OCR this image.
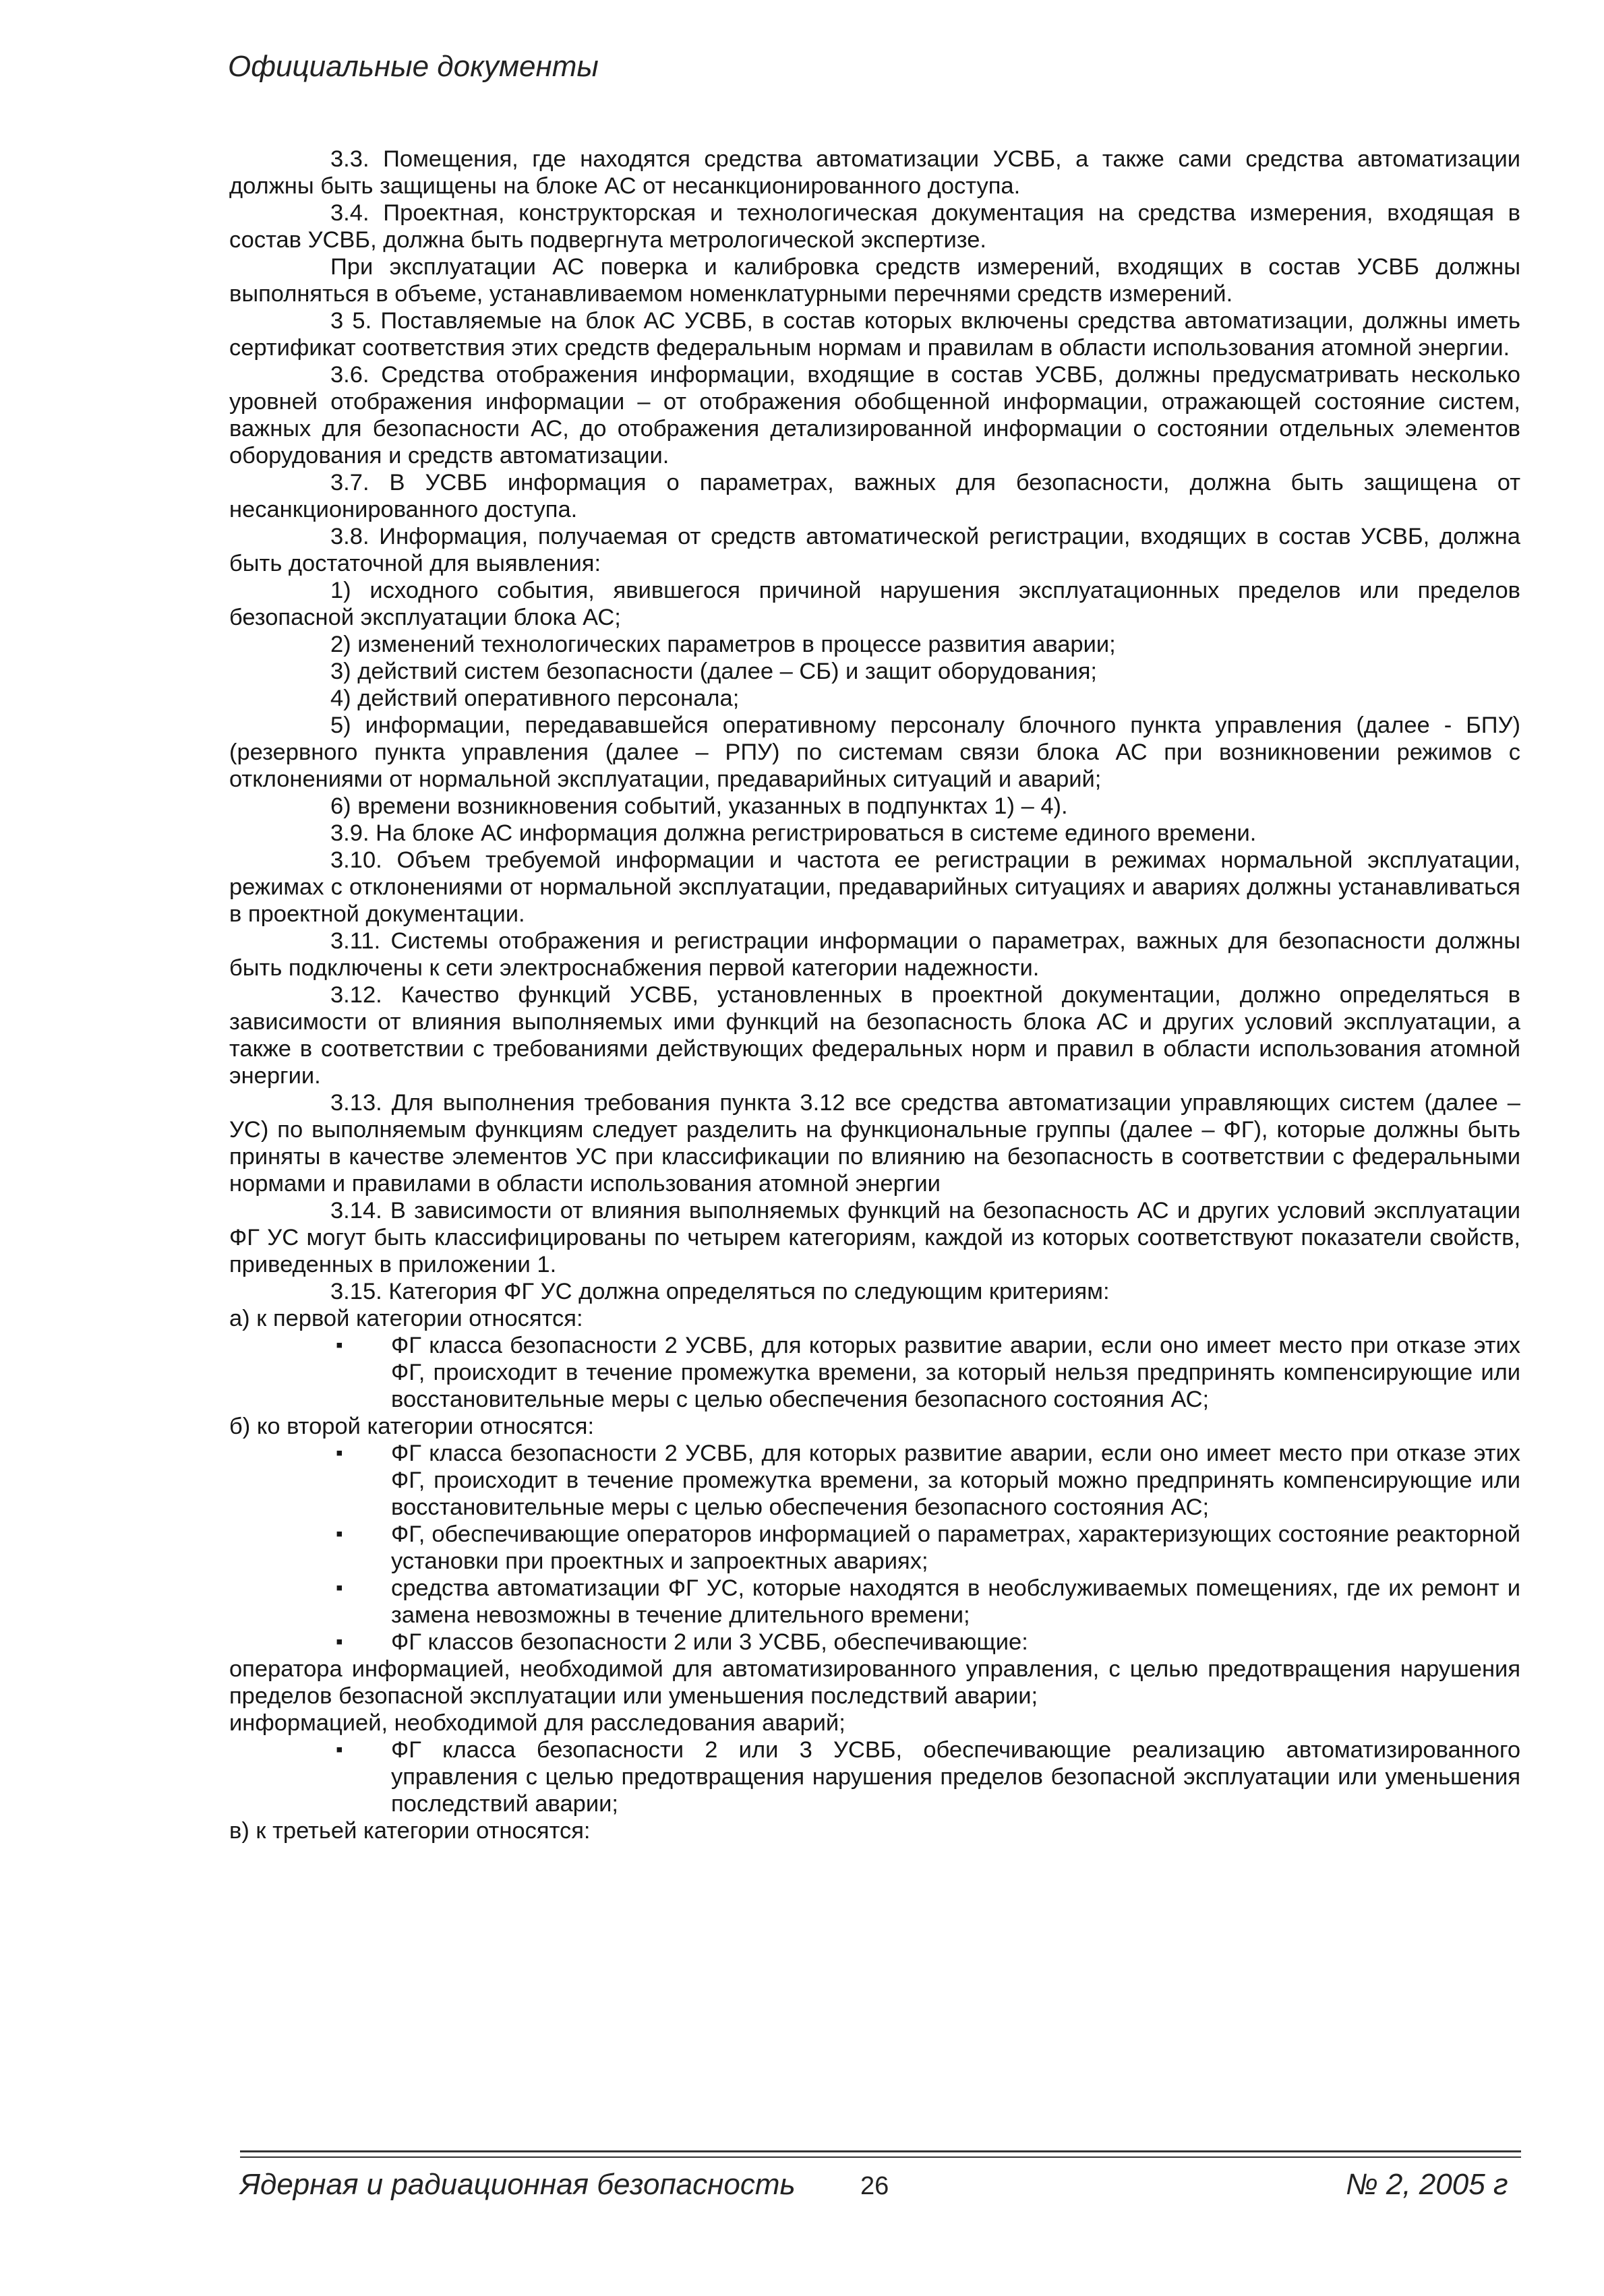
Официальные документы

3.3. Помещения, где находятся средства автоматизации УСВБ, а также сами средства автоматизации должны быть защищены на блоке АС от несанкционированного доступа.

3.4. Проектная, конструкторская и технологическая документация на средства измерения, входящая в состав УСВБ, должна быть подвергнута метрологической экспертизе.

При эксплуатации АС поверка и калибровка средств измерений, входящих в состав УСВБ должны выполняться в объеме, устанавливаемом номенклатурными перечнями средств измерений.

3 5. Поставляемые на блок АС УСВБ, в состав которых включены средства автоматизации, должны иметь сертификат соответствия этих средств федеральным нормам и правилам в области использования атомной энергии.

3.6. Средства отображения информации, входящие в состав УСВБ, должны предусматривать несколько уровней отображения информации – от отображения обобщенной информации, отражающей состояние систем, важных для безопасности АС, до отображения детализированной информации о состоянии отдельных элементов оборудования и средств автоматизации.

3.7. В УСВБ информация о параметрах, важных для безопасности, должна быть защищена от несанкционированного доступа.

3.8. Информация, получаемая от средств автоматической регистрации, входящих в состав УСВБ, должна быть достаточной для выявления:

1) исходного события, явившегося причиной нарушения эксплуатационных пределов или пределов безопасной эксплуатации блока АС;

2) изменений технологических параметров в процессе развития аварии;

3) действий систем безопасности (далее – СБ) и защит оборудования;

4) действий оперативного персонала;

5) информации, передававшейся оперативному персоналу блочного пункта управления (далее - БПУ) (резервного пункта управления (далее – РПУ) по системам связи блока АС при возникновении режимов с отклонениями от нормальной эксплуатации, предаварийных ситуаций и аварий;

6) времени возникновения событий, указанных в подпунктах 1) – 4).

3.9. На блоке АС информация должна регистрироваться в системе единого времени.

3.10. Объем требуемой информации и частота ее регистрации в режимах нормальной эксплуатации, режимах с отклонениями от нормальной эксплуатации, предаварийных ситуациях и авариях должны устанавливаться в проектной документации.

3.11. Системы отображения и регистрации информации о параметрах, важных для безопасности должны быть подключены к сети электроснабжения первой категории надежности.

3.12. Качество функций УСВБ, установленных в проектной документации, должно определяться в зависимости от влияния выполняемых ими функций на безопасность блока АС и других условий эксплуатации, а также в соответствии с требованиями действующих федеральных норм и правил в области использования атомной энергии.

3.13. Для выполнения требования пункта 3.12 все средства автоматизации управляющих систем (далее – УС) по выполняемым функциям следует разделить на функциональные группы (далее – ФГ), которые должны быть приняты в качестве элементов УС при классификации по влиянию на безопасность в соответствии с федеральными нормами и правилами в области использования атомной энергии

3.14. В зависимости от влияния выполняемых функций на безопасность АС и других условий эксплуатации ФГ УС могут быть классифицированы по четырем категориям, каждой из которых соответствуют показатели свойств, приведенных в приложении 1.

3.15. Категория ФГ УС должна определяться по следующим критериям:

а) к первой категории относятся:

▪ ФГ класса безопасности 2 УСВБ, для которых развитие аварии, если оно имеет место при отказе этих ФГ, происходит в течение промежутка времени, за который нельзя предпринять компенсирующие или восстановительные меры с целью обеспечения безопасного состояния АС;

б) ко второй категории относятся:

▪ ФГ класса безопасности 2 УСВБ, для которых развитие аварии, если оно имеет место при отказе этих ФГ, происходит в течение промежутка времени, за который можно предпринять компенсирующие или восстановительные меры с целью обеспечения безопасного состояния АС;
▪ ФГ, обеспечивающие операторов информацией о параметрах, характеризующих состояние реакторной установки при проектных и запроектных авариях;
▪ средства автоматизации ФГ УС, которые находятся в необслуживаемых помещениях, где их ремонт и замена невозможны в течение длительного времени;
▪ ФГ классов безопасности 2 или 3 УСВБ, обеспечивающие:

оператора информацией, необходимой для автоматизированного управления, с целью предотвращения нарушения пределов безопасной эксплуатации или уменьшения последствий аварии;

информацией, необходимой для расследования аварий;

▪ ФГ класса безопасности 2 или 3 УСВБ, обеспечивающие реализацию автоматизированного управления с целью предотвращения нарушения пределов безопасной эксплуатации или уменьшения последствий аварии;

в) к третьей категории относятся:

Ядерная и радиационная безопасность	26	№ 2, 2005 г
